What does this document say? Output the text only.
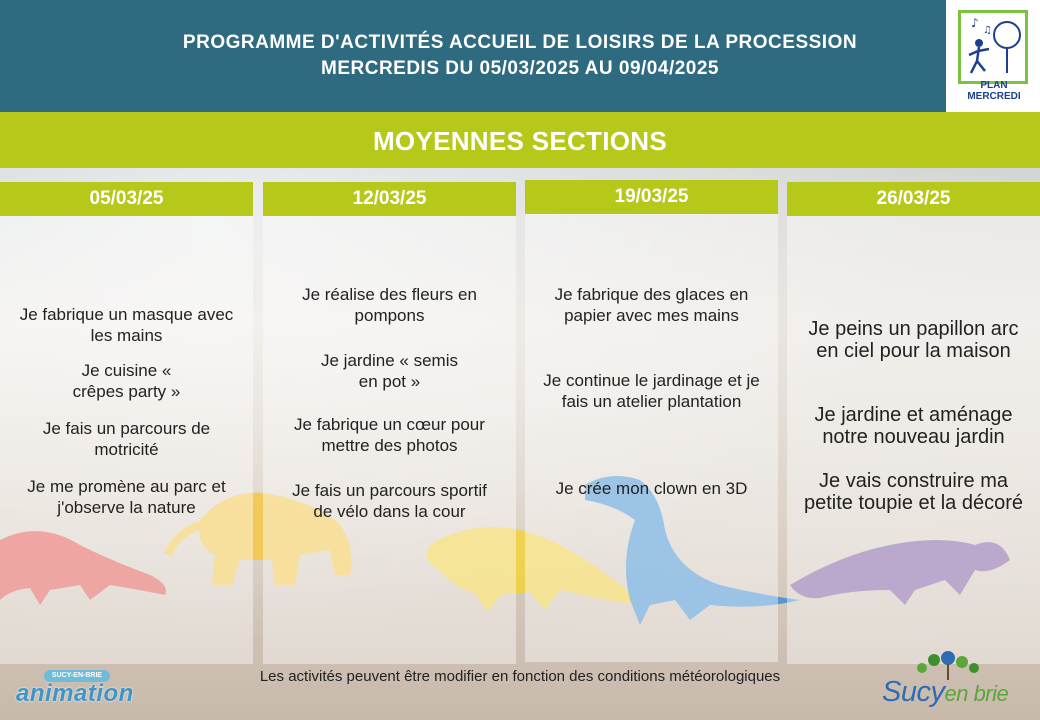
PROGRAMME D'ACTIVITÉS ACCUEIL DE LOISIRS DE LA PROCESSION
MERCREDIS DU 05/03/2025 AU 09/04/2025
♪
♫
PLAN
MERCREDI
MOYENNES SECTIONS
05/03/25
Je fabrique un masque avec les mains
Je cuisine « crêpes party »
Je fais un parcours de motricité
Je me promène au parc et j'observe la nature
12/03/25
Je réalise des fleurs en pompons
Je jardine « semis en pot »
Je fabrique un cœur pour mettre des photos
Je fais un parcours sportif de vélo dans la cour
19/03/25
Je fabrique des glaces en papier avec mes mains
Je continue le jardinage et je fais un atelier plantation
Je crée mon clown en 3D
26/03/25
Je peins un papillon arc en ciel pour la maison
Je jardine et aménage notre nouveau jardin
Je vais construire ma petite toupie et la décoré
Les activités peuvent être modifier en fonction des conditions météorologiques
SUCY-EN-BRIE
animation	Sucyen brie
